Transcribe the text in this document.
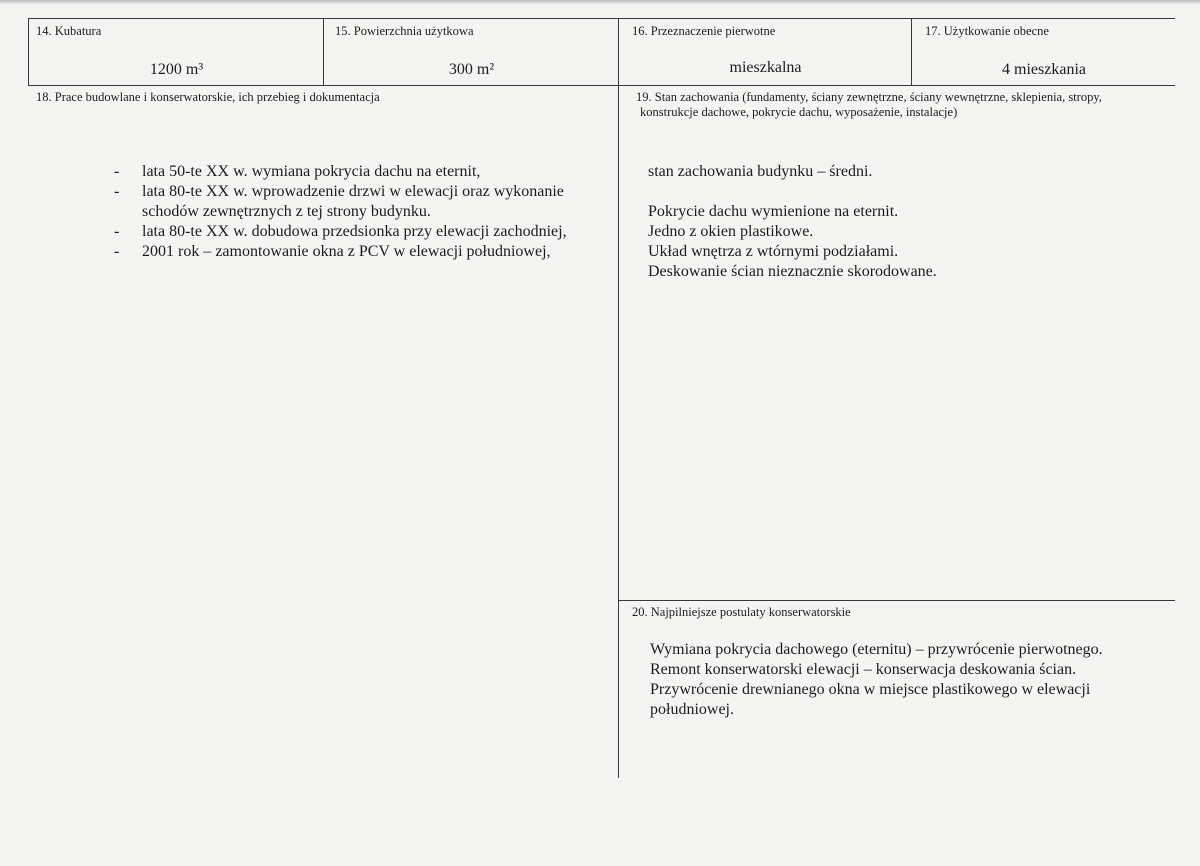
14. Kubatura
1200 m³
15. Powierzchnia użytkowa
300 m²
16. Przeznaczenie pierwotne
mieszkalna
17. Użytkowanie obecne
4 mieszkania
18. Prace budowlane i konserwatorskie, ich przebieg i dokumentacja
- lata 50-te XX w. wymiana pokrycia dachu na eternit,
- lata 80-te XX w. wprowadzenie drzwi w elewacji oraz wykonanie schodów zewnętrznych z tej strony budynku.
- lata 80-te XX w. dobudowa przedsionka przy elewacji zachodniej,
- 2001 rok – zamontowanie okna z PCV w elewacji południowej,
19. Stan zachowania (fundamenty, ściany zewnętrzne, ściany wewnętrzne, sklepienia, stropy, konstrukcje dachowe, pokrycie dachu, wyposażenie, instalacje)
stan zachowania budynku – średni.
Pokrycie dachu wymienione na eternit.
Jedno z okien plastikowe.
Układ wnętrza z wtórnymi podziałami.
Deskowanie ścian nieznacznie skorodowane.
20. Najpilniejsze postulaty konserwatorskie
Wymiana pokrycia dachowego (eternitu) – przywrócenie pierwotnego.
Remont konserwatorski elewacji – konserwacja deskowania ścian.
Przywrócenie drewnianego okna w miejsce plastikowego w elewacji południowej.
